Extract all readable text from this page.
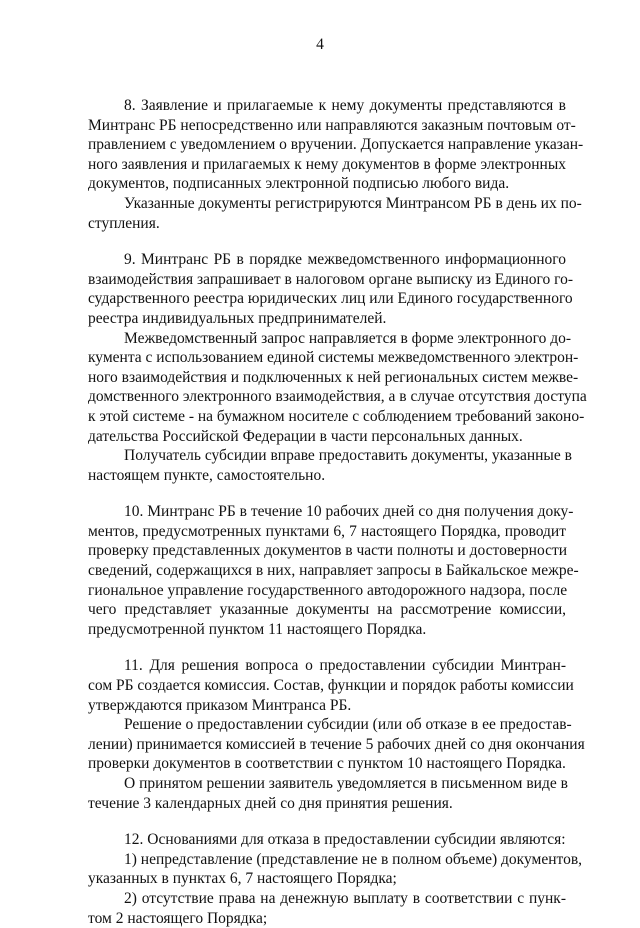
4
8. Заявление и прилагаемые к нему документы представляются в
Минтранс РБ непосредственно или направляются заказным почтовым от-
правлением с уведомлением о вручении. Допускается направление указан-
ного заявления и прилагаемых к нему документов в форме электронных
документов, подписанных электронной подписью любого вида.
Указанные документы регистрируются Минтрансом РБ в день их по-
ступления.
9. Минтранс РБ в порядке межведомственного информационного
взаимодействия запрашивает в налоговом органе выписку из Единого го-
сударственного реестра юридических лиц или Единого государственного
реестра индивидуальных предпринимателей.
Межведомственный запрос направляется в форме электронного до-
кумента с использованием единой системы межведомственного электрон-
ного взаимодействия и подключенных к ней региональных систем межве-
домственного электронного взаимодействия, а в случае отсутствия доступа
к этой системе - на бумажном носителе с соблюдением требований законо-
дательства Российской Федерации в части персональных данных.
Получатель субсидии вправе предоставить документы, указанные в
настоящем пункте, самостоятельно.
10. Минтранс РБ в течение 10 рабочих дней со дня получения доку-
ментов, предусмотренных пунктами 6, 7 настоящего Порядка, проводит
проверку представленных документов в части полноты и достоверности
сведений, содержащихся в них, направляет запросы в Байкальское межре-
гиональное управление государственного автодорожного надзора, после
чего представляет указанные документы на рассмотрение комиссии,
предусмотренной пунктом 11 настоящего Порядка.
11. Для решения вопроса о предоставлении субсидии Минтран-
сом РБ создается комиссия. Состав, функции и порядок работы комиссии
утверждаются приказом Минтранса РБ.
Решение о предоставлении субсидии (или об отказе в ее предостав-
лении) принимается комиссией в течение 5 рабочих дней со дня окончания
проверки документов в соответствии с пунктом 10 настоящего Порядка.
О принятом решении заявитель уведомляется в письменном виде в
течение 3 календарных дней со дня принятия решения.
12. Основаниями для отказа в предоставлении субсидии являются:
1) непредставление (представление не в полном объеме) документов,
указанных в пунктах 6, 7 настоящего Порядка;
2) отсутствие права на денежную выплату в соответствии с пунк-
том 2 настоящего Порядка;
